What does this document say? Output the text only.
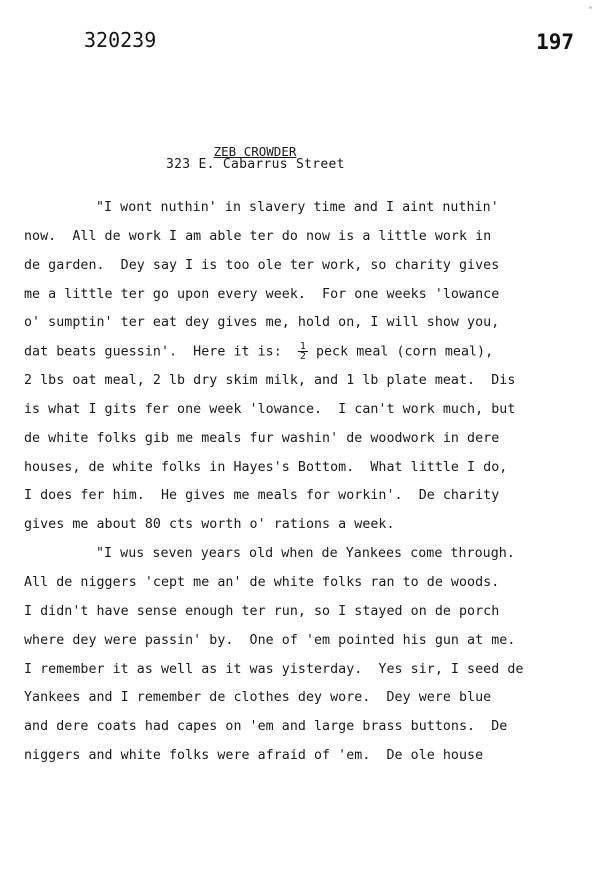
320239	197
ZEB CROWDER
323 E. Cabarrus Street
"I wont nuthin' in slavery time and I aint nuthin'
now.  All de work I am able ter do now is a little work in
de garden.  Dey say I is too ole ter work, so charity gives
me a little ter go upon every week.  For one weeks 'lowance
o' sumptin' ter eat dey gives me, hold on, I will show you,
dat beats guessin'.  Here it is: $\frac{1}{2}$ peck meal (corn meal),
2 lbs oat meal, 2 lb dry skim milk, and 1 lb plate meat.  Dis
is what I gits fer one week 'lowance.  I can't work much, but
de white folks gib me meals fur washin' de woodwork in dere
houses, de white folks in Hayes's Bottom.  What little I do,
I does fer him.  He gives me meals for workin'.  De charity
gives me about 80 cts worth o' rations a week.
"I wus seven years old when de Yankees come through.
All de niggers 'cept me an' de white folks ran to de woods.
I didn't have sense enough ter run, so I stayed on de porch
where dey were passin' by.  One of 'em pointed his gun at me.
I remember it as well as it was yisterday.  Yes sir, I seed de
Yankees and I remember de clothes dey wore.  Dey were blue
and dere coats had capes on 'em and large brass buttons.  De
niggers and white folks were afraid of 'em.  De ole house
